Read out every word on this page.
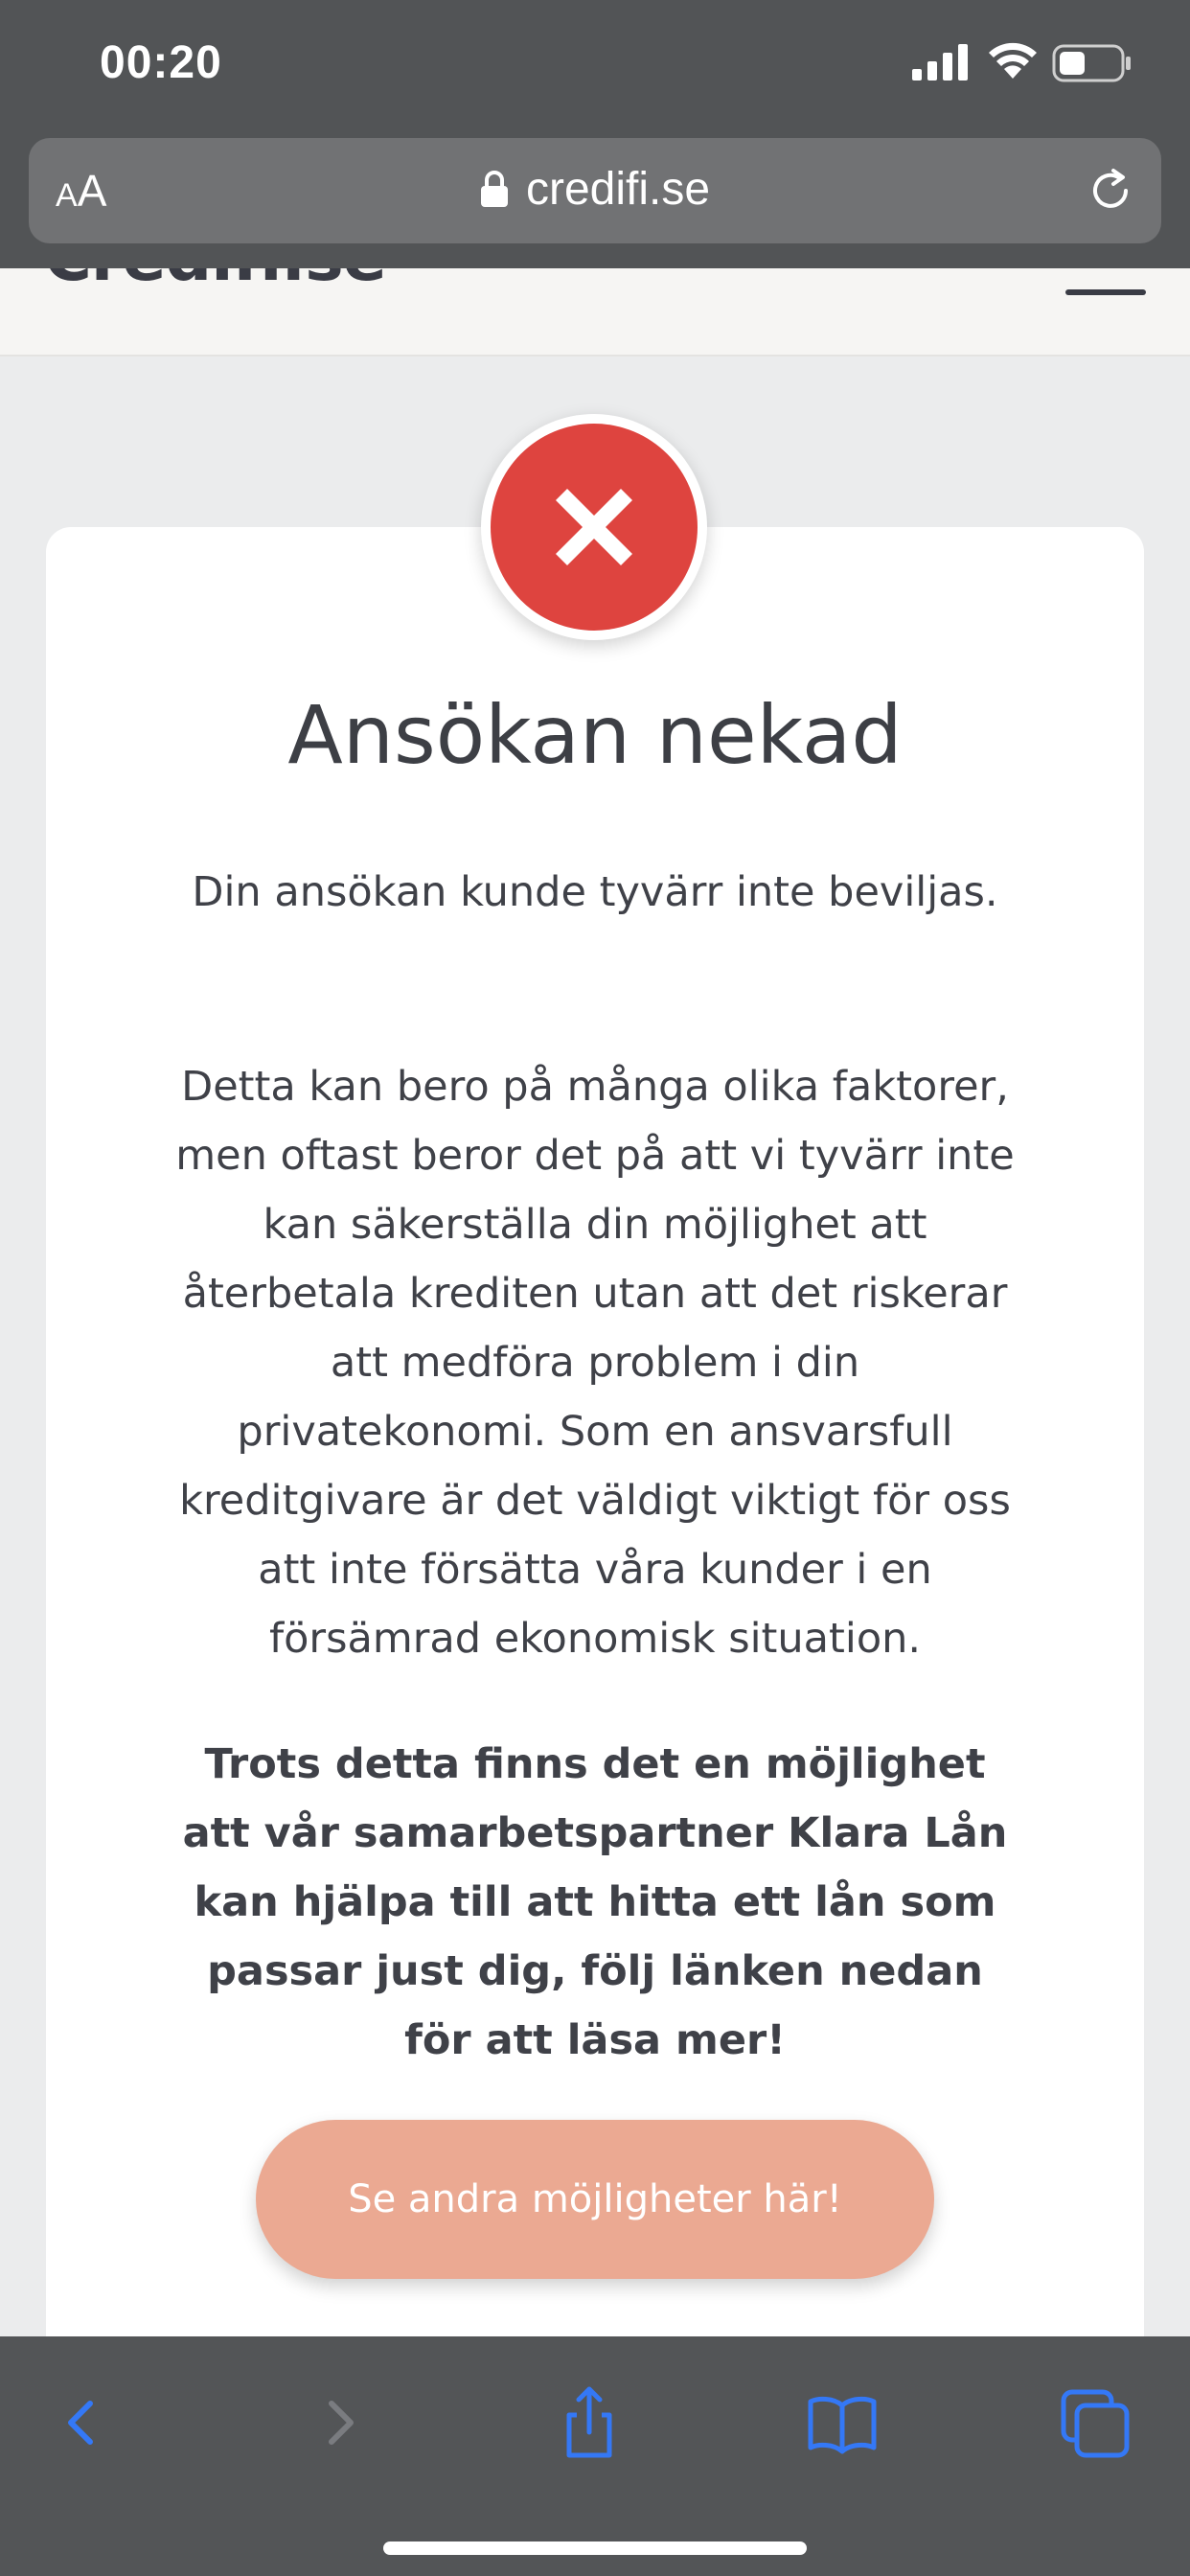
00:20
AA	credifi.se
Ansökan nekad

Din ansökan kunde tyvärr inte beviljas.

Detta kan bero på många olika faktorer, men oftast beror det på att vi tyvärr inte kan säkerställa din möjlighet att återbetala krediten utan att det riskerar att medföra problem i din privatekonomi. Som en ansvarsfull kreditgivare är det väldigt viktigt för oss att inte försätta våra kunder i en försämrad ekonomisk situation.

Trots detta finns det en möjlighet att vår samarbetspartner Klara Lån kan hjälpa till att hitta ett lån som passar just dig, följ länken nedan för att läsa mer!

Se andra möjligheter här!
